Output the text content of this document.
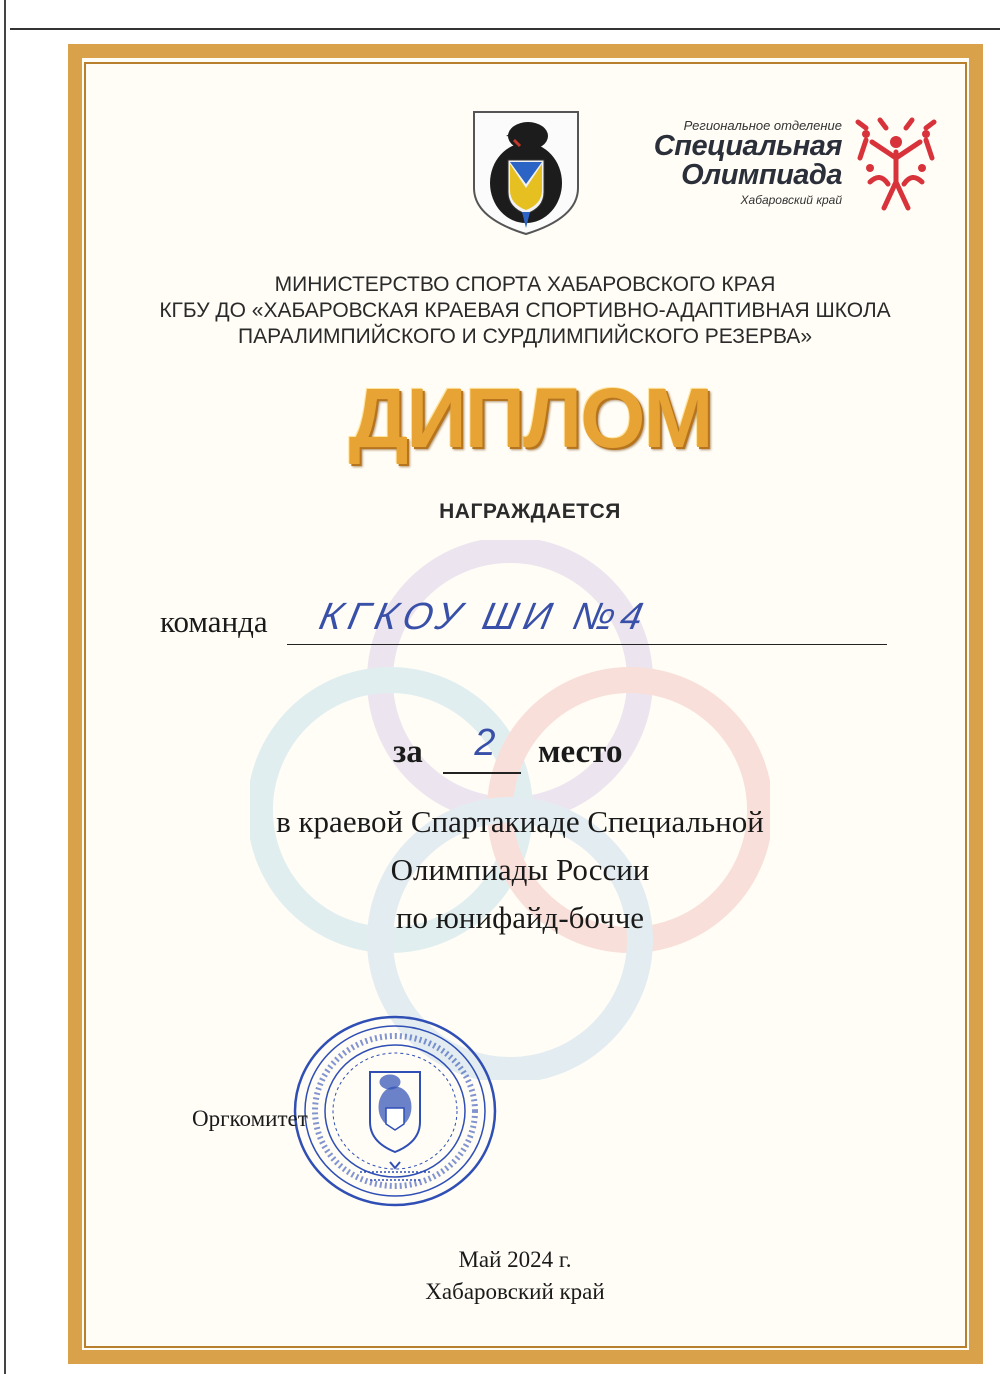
Региональное отделение
Специальная
Олимпиада
Хабаровский край
МИНИСТЕРСТВО СПОРТА ХАБАРОВСКОГО КРАЯ
КГБУ ДО «ХАБАРОВСКАЯ КРАЕВАЯ СПОРТИВНО-АДАПТИВНАЯ ШКОЛА
ПАРАЛИМПИЙСКОГО И СУРДЛИМПИЙСКОГО РЕЗЕРВА»
ДИПЛОМ
НАГРАЖДАЕТСЯ
команда КГКОУ ШИ №4
за	2	место
в краевой Спартакиаде Специальной
Олимпиады России
по юнифайд-бочче
Оргкомитет
Май 2024 г.
Хабаровский край
